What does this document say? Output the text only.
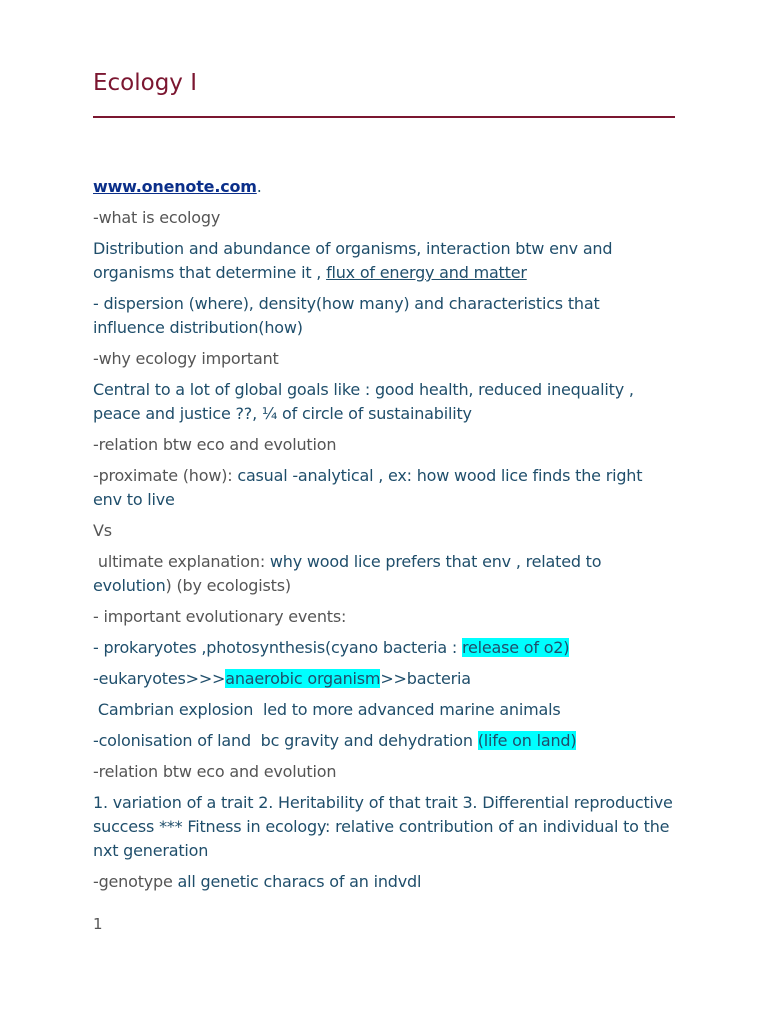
Ecology I

www.onenote.com.

-what is ecology

Distribution and abundance of organisms, interaction btw env and organisms that determine it , flux of energy and matter

- dispersion (where), density(how many) and characteristics that influence distribution(how)

-why ecology important

Central to a lot of global goals like : good health, reduced inequality , peace and justice ??, ¼ of circle of sustainability

-relation btw eco and evolution

-proximate (how): casual -analytical , ex: how wood lice finds the right env to live

Vs

ultimate explanation: why wood lice prefers that env , related to evolution) (by ecologists)

- important evolutionary events:

- prokaryotes ,photosynthesis(cyano bacteria : release of o2)

-eukaryotes>>>anaerobic organism>>bacteria

Cambrian explosion  led to more advanced marine animals

-colonisation of land  bc gravity and dehydration (life on land)

-relation btw eco and evolution

1. variation of a trait 2. Heritability of that trait 3. Differential reproductive success *** Fitness in ecology: relative contribution of an individual to the nxt generation

-genotype all genetic characs of an indvdl

1
